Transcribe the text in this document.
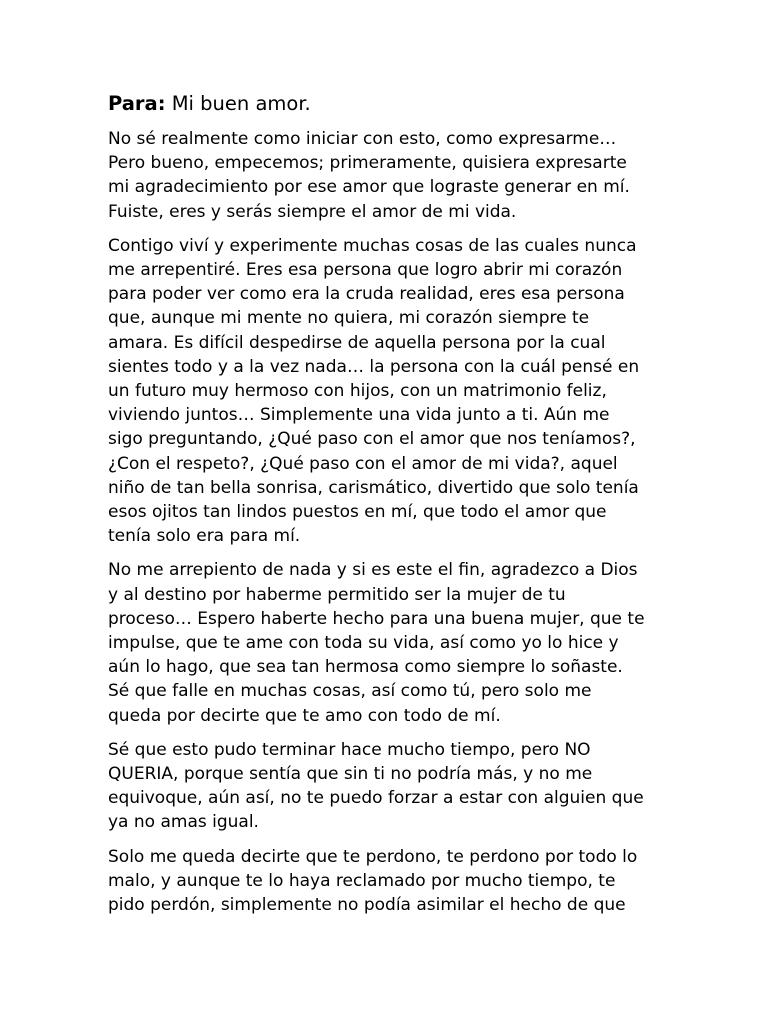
Para: Mi buen amor.
No sé realmente como iniciar con esto, como expresarme…
Pero bueno, empecemos; primeramente, quisiera expresarte
mi agradecimiento por ese amor que lograste generar en mí.
Fuiste, eres y serás siempre el amor de mi vida.
Contigo viví y experimente muchas cosas de las cuales nunca
me arrepentiré. Eres esa persona que logro abrir mi corazón
para poder ver como era la cruda realidad, eres esa persona
que, aunque mi mente no quiera, mi corazón siempre te
amara. Es difícil despedirse de aquella persona por la cual
sientes todo y a la vez nada… la persona con la cuál pensé en
un futuro muy hermoso con hijos, con un matrimonio feliz,
viviendo juntos… Simplemente una vida junto a ti. Aún me
sigo preguntando, ¿Qué paso con el amor que nos teníamos?,
¿Con el respeto?, ¿Qué paso con el amor de mi vida?, aquel
niño de tan bella sonrisa, carismático, divertido que solo tenía
esos ojitos tan lindos puestos en mí, que todo el amor que
tenía solo era para mí.
No me arrepiento de nada y si es este el fin, agradezco a Dios
y al destino por haberme permitido ser la mujer de tu
proceso… Espero haberte hecho para una buena mujer, que te
impulse, que te ame con toda su vida, así como yo lo hice y
aún lo hago, que sea tan hermosa como siempre lo soñaste.
Sé que falle en muchas cosas, así como tú, pero solo me
queda por decirte que te amo con todo de mí.
Sé que esto pudo terminar hace mucho tiempo, pero NO
QUERIA, porque sentía que sin ti no podría más, y no me
equivoque, aún así, no te puedo forzar a estar con alguien que
ya no amas igual.
Solo me queda decirte que te perdono, te perdono por todo lo
malo, y aunque te lo haya reclamado por mucho tiempo, te
pido perdón, simplemente no podía asimilar el hecho de que
